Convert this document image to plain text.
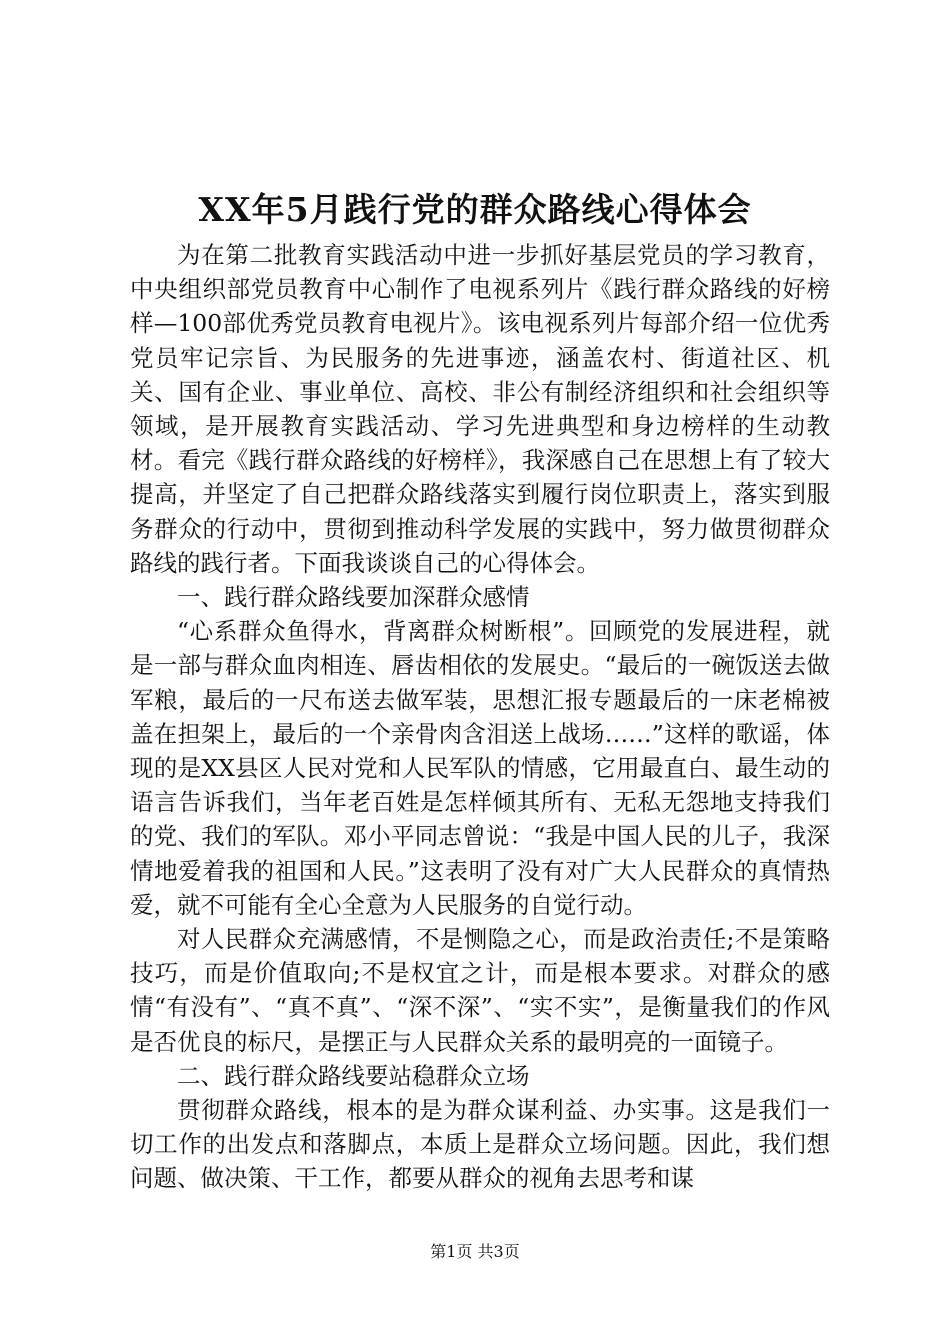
XX年5月践行党的群众路线心得体会

为在第二批教育实践活动中进一步抓好基层党员的学习教育，中央组织部党员教育中心制作了电视系列片《践行群众路线的好榜样—100部优秀党员教育电视片》。该电视系列片每部介绍一位优秀党员牢记宗旨、为民服务的先进事迹，涵盖农村、街道社区、机关、国有企业、事业单位、高校、非公有制经济组织和社会组织等领域，是开展教育实践活动、学习先进典型和身边榜样的生动教材。看完《践行群众路线的好榜样》，我深感自己在思想上有了较大提高，并坚定了自己把群众路线落实到履行岗位职责上，落实到服务群众的行动中，贯彻到推动科学发展的实践中，努力做贯彻群众路线的践行者。下面我谈谈自己的心得体会。

一、践行群众路线要加深群众感情

“心系群众鱼得水，背离群众树断根”。回顾党的发展进程，就是一部与群众血肉相连、唇齿相依的发展史。“最后的一碗饭送去做军粮，最后的一尺布送去做军装，思想汇报专题最后的一床老棉被盖在担架上，最后的一个亲骨肉含泪送上战场……”这样的歌谣，体现的是XX县区人民对党和人民军队的情感，它用最直白、最生动的语言告诉我们，当年老百姓是怎样倾其所有、无私无怨地支持我们的党、我们的军队。邓小平同志曾说：“我是中国人民的儿子，我深情地爱着我的祖国和人民。”这表明了没有对广大人民群众的真情热爱，就不可能有全心全意为人民服务的自觉行动。

对人民群众充满感情，不是恻隐之心，而是政治责任;不是策略技巧，而是价值取向;不是权宜之计，而是根本要求。对群众的感情“有没有”、“真不真”、“深不深”、“实不实”，是衡量我们的作风是否优良的标尺，是摆正与人民群众关系的最明亮的一面镜子。

二、践行群众路线要站稳群众立场

贯彻群众路线，根本的是为群众谋利益、办实事。这是我们一切工作的出发点和落脚点，本质上是群众立场问题。因此，我们想问题、做决策、干工作，都要从群众的视角去思考和谋

第1页 共3页
